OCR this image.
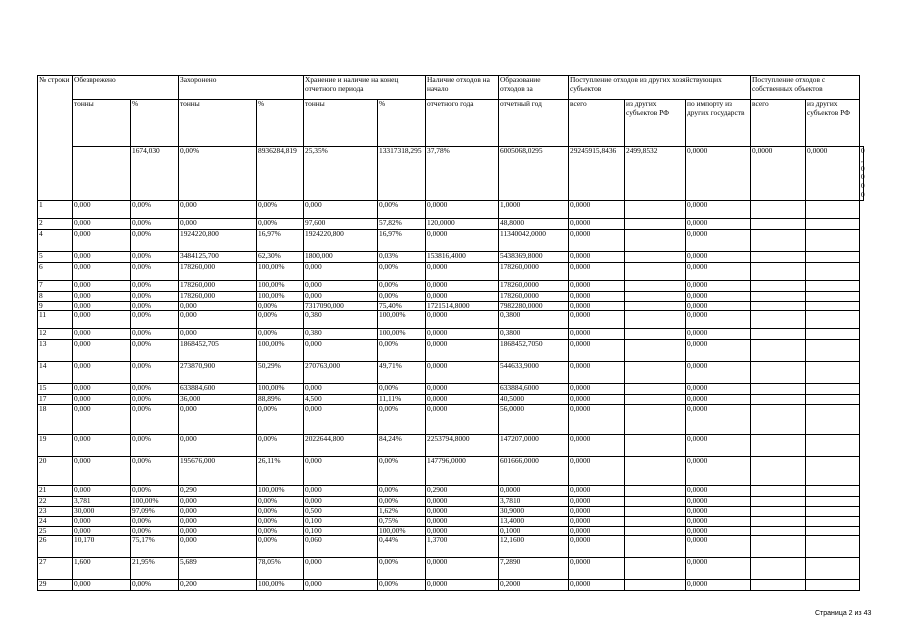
№ строки	Обезврежено		Захоронено		Хранение и наличие на конец отчетного периода		Наличие отходов на начало	Образование отходов за	Поступление отходов из других хозяйствующих субъектов			Поступление отходов с собственных объектов		
	тонны	%	тонны	%	тонны	%	отчетного года	отчетный год	всего	из других субъектов РФ	по импорту из других государств	всего	из других субъектов РФ	
		1674,030	0,00%	8936284,819	25,35%	13317318,295	37,78%	6005068,0295	29245915,8436	2499,8532	0,0000	0,0000	0,0000	0,0000
1	0,000	0,00%	0,000	0,00%	0,000	0,00%	0,0000	1,0000	0,0000		0,0000			
2	0,000	0,00%	0,000	0,00%	97,600	57,82%	120,0000	48,8000	0,0000		0,0000			
4	0,000	0,00%	1924220,800	16,97%	1924220,800	16,97%	0,0000	11340042,0000	0,0000		0,0000			
5	0,000	0,00%	3484125,700	62,30%	1800,000	0,03%	153816,4000	5438369,8000	0,0000		0,0000			
6	0,000	0,00%	178260,000	100,00%	0,000	0,00%	0,0000	178260,0000	0,0000		0,0000			
7	0,000	0,00%	178260,000	100,00%	0,000	0,00%	0,0000	178260,0000	0,0000		0,0000			
8	0,000	0,00%	178260,000	100,00%	0,000	0,00%	0,0000	178260,0000	0,0000		0,0000			
9	0,000	0,00%	0,000	0,00%	7317090,000	75,40%	1721514,8000	7982280,0000	0,0000		0,0000			
11	0,000	0,00%	0,000	0,00%	0,380	100,00%	0,0000	0,3800	0,0000		0,0000			
12	0,000	0,00%	0,000	0,00%	0,380	100,00%	0,0000	0,3800	0,0000		0,0000			
13	0,000	0,00%	1868452,705	100,00%	0,000	0,00%	0,0000	1868452,7050	0,0000		0,0000			
14	0,000	0,00%	273870,900	50,29%	270763,000	49,71%	0,0000	544633,9000	0,0000		0,0000			
15	0,000	0,00%	633884,600	100,00%	0,000	0,00%	0,0000	633884,6000	0,0000		0,0000			
17	0,000	0,00%	36,000	88,89%	4,500	11,11%	0,0000	40,5000	0,0000		0,0000			
18	0,000	0,00%	0,000	0,00%	0,000	0,00%	0,0000	56,0000	0,0000		0,0000			
19	0,000	0,00%	0,000	0,00%	2022644,800	84,24%	2253794,8000	147207,0000	0,0000		0,0000			
20	0,000	0,00%	195676,000	26,11%	0,000	0,00%	147796,0000	601666,0000	0,0000		0,0000			
21	0,000	0,00%	0,290	100,00%	0,000	0,00%	0,2900	0,0000	0,0000		0,0000			
22	3,781	100,00%	0,000	0,00%	0,000	0,00%	0,0000	3,7810	0,0000		0,0000			
23	30,000	97,09%	0,000	0,00%	0,500	1,62%	0,0000	30,9000	0,0000		0,0000			
24	0,000	0,00%	0,000	0,00%	0,100	0,75%	0,0000	13,4000	0,0000		0,0000			
25	0,000	0,00%	0,000	0,00%	0,100	100,00%	0,0000	0,1000	0,0000		0,0000			
26	10,170	75,17%	0,000	0,00%	0,060	0,44%	1,3700	12,1600	0,0000		0,0000			
27	1,600	21,95%	5,689	78,05%	0,000	0,00%	0,0000	7,2890	0,0000		0,0000			
29	0,000	0,00%	0,200	100,00%	0,000	0,00%	0,0000	0,2000	0,0000		0,0000			
Страница 2 из 43
